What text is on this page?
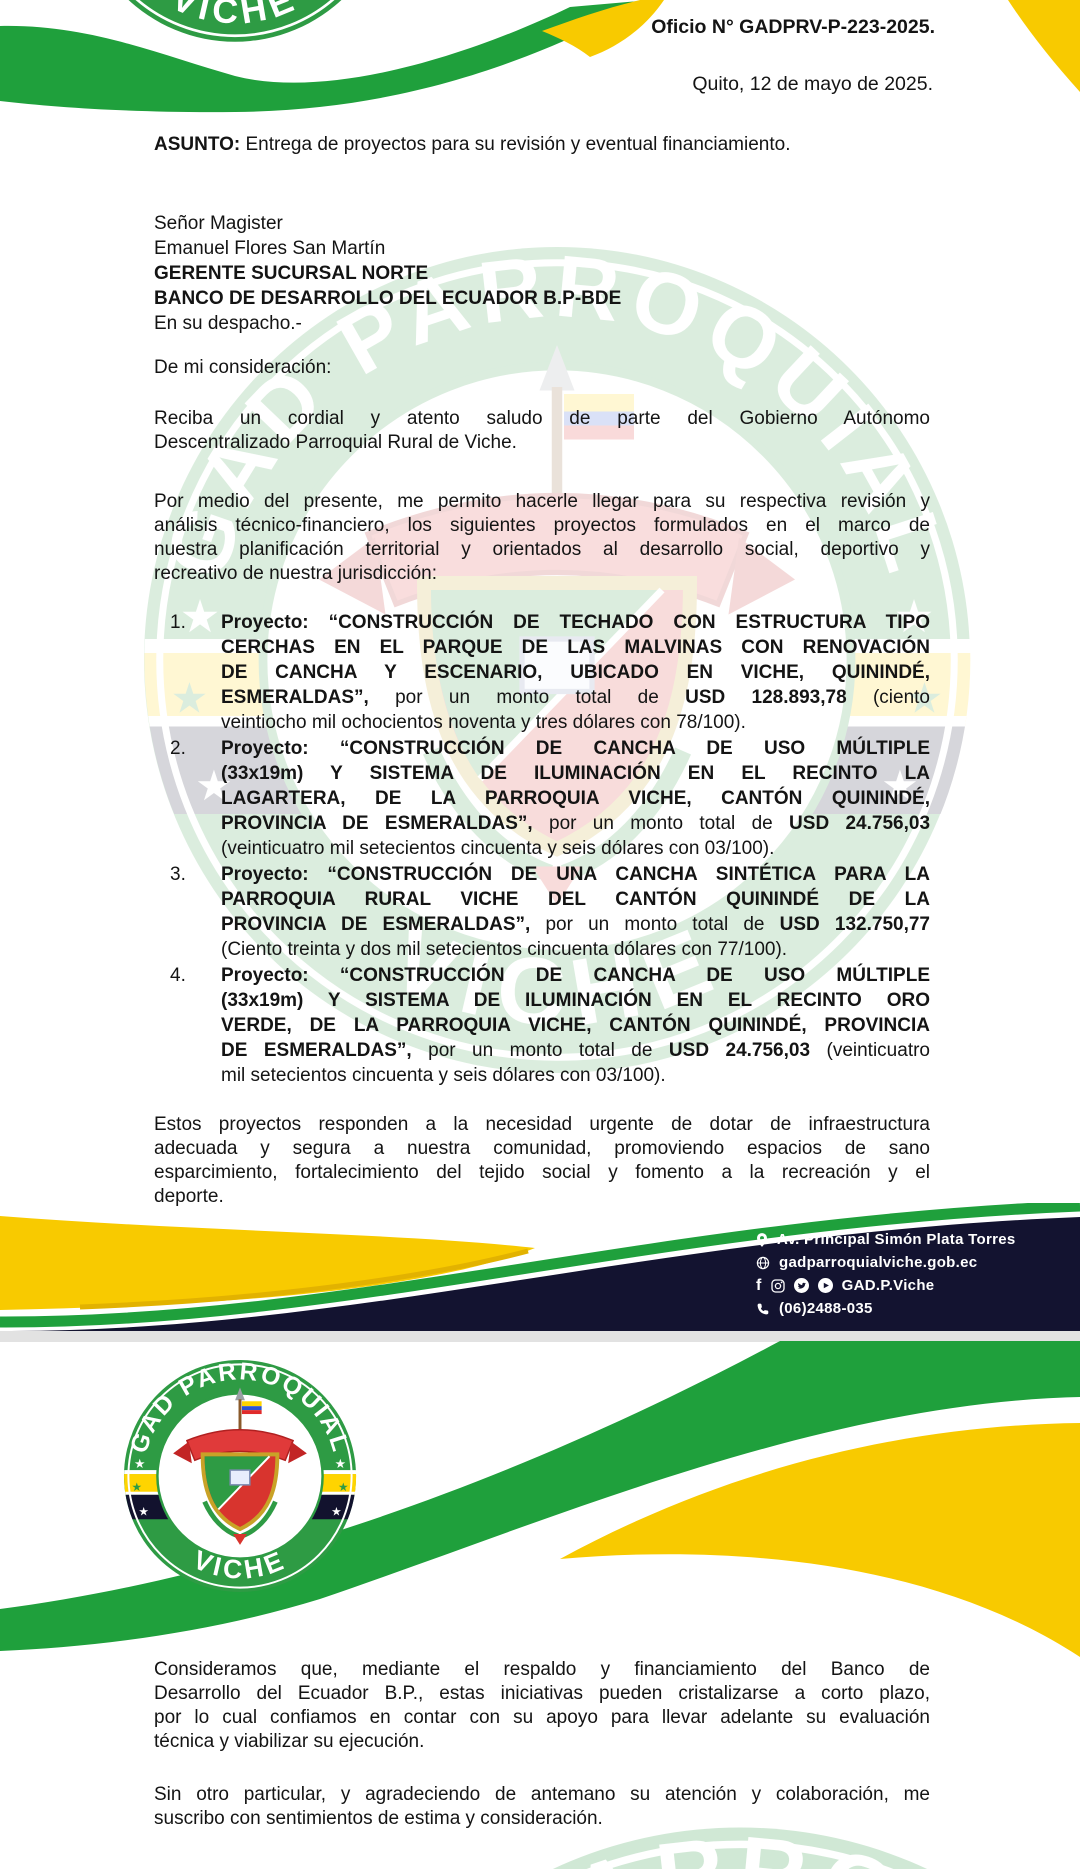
Oficio N° GADPRV-P-223-2025.
Quito, 12 de mayo de 2025.
ASUNTO: Entrega de proyectos para su revisión y eventual financiamiento.
Señor Magister
Emanuel Flores San Martín
GERENTE SUCURSAL NORTE
BANCO DE DESARROLLO DEL ECUADOR B.P-BDE
En su despacho.-
De mi consideración:
Reciba un cordial y atento saludo de parte del Gobierno Autónomo
Descentralizado Parroquial Rural de Viche.
Por medio del presente, me permito hacerle llegar para su respectiva revisión y
análisis técnico-financiero, los siguientes proyectos formulados en el marco de
nuestra planificación territorial y orientados al desarrollo social, deportivo y
recreativo de nuestra jurisdicción:
1. Proyecto: “CONSTRUCCIÓN DE TECHADO CON ESTRUCTURA TIPO
CERCHAS EN EL PARQUE DE LAS MALVINAS CON RENOVACIÓN
DE CANCHA Y ESCENARIO, UBICADO EN VICHE, QUININDÉ,
ESMERALDAS”, por un monto total de USD 128.893,78 (ciento
veintiocho mil ochocientos noventa y tres dólares con 78/100).
2. Proyecto: “CONSTRUCCIÓN DE CANCHA DE USO MÚLTIPLE
(33x19m) Y SISTEMA DE ILUMINACIÓN EN EL RECINTO LA
LAGARTERA, DE LA PARROQUIA VICHE, CANTÓN QUININDÉ,
PROVINCIA DE ESMERALDAS”, por un monto total de USD 24.756,03
(veinticuatro mil setecientos cincuenta y seis dólares con 03/100).
3. Proyecto: “CONSTRUCCIÓN DE UNA CANCHA SINTÉTICA PARA LA
PARROQUIA RURAL VICHE DEL CANTÓN QUININDÉ DE LA
PROVINCIA DE ESMERALDAS”, por un monto total de USD 132.750,77
(Ciento treinta y dos mil setecientos cincuenta dólares con 77/100).
4. Proyecto: “CONSTRUCCIÓN DE CANCHA DE USO MÚLTIPLE
(33x19m) Y SISTEMA DE ILUMINACIÓN EN EL RECINTO ORO
VERDE, DE LA PARROQUIA VICHE, CANTÓN QUININDÉ, PROVINCIA
DE ESMERALDAS”, por un monto total de USD 24.756,03 (veinticuatro
mil setecientos cincuenta y seis dólares con 03/100).
Estos proyectos responden a la necesidad urgente de dotar de infraestructura
adecuada y segura a nuestra comunidad, promoviendo espacios de sano
esparcimiento, fortalecimiento del tejido social y fomento a la recreación y el
deporte.
Av. Principal Simón Plata Torres
gadparroquialviche.gob.ec
f	GAD.P.Viche
(06)2488-035
Consideramos que, mediante el respaldo y financiamiento del Banco de
Desarrollo del Ecuador B.P., estas iniciativas pueden cristalizarse a corto plazo,
por lo cual confiamos en contar con su apoyo para llevar adelante su evaluación
técnica y viabilizar su ejecución.
Sin otro particular, y agradeciendo de antemano su atención y colaboración, me
suscribo con sentimientos de estima y consideración.
